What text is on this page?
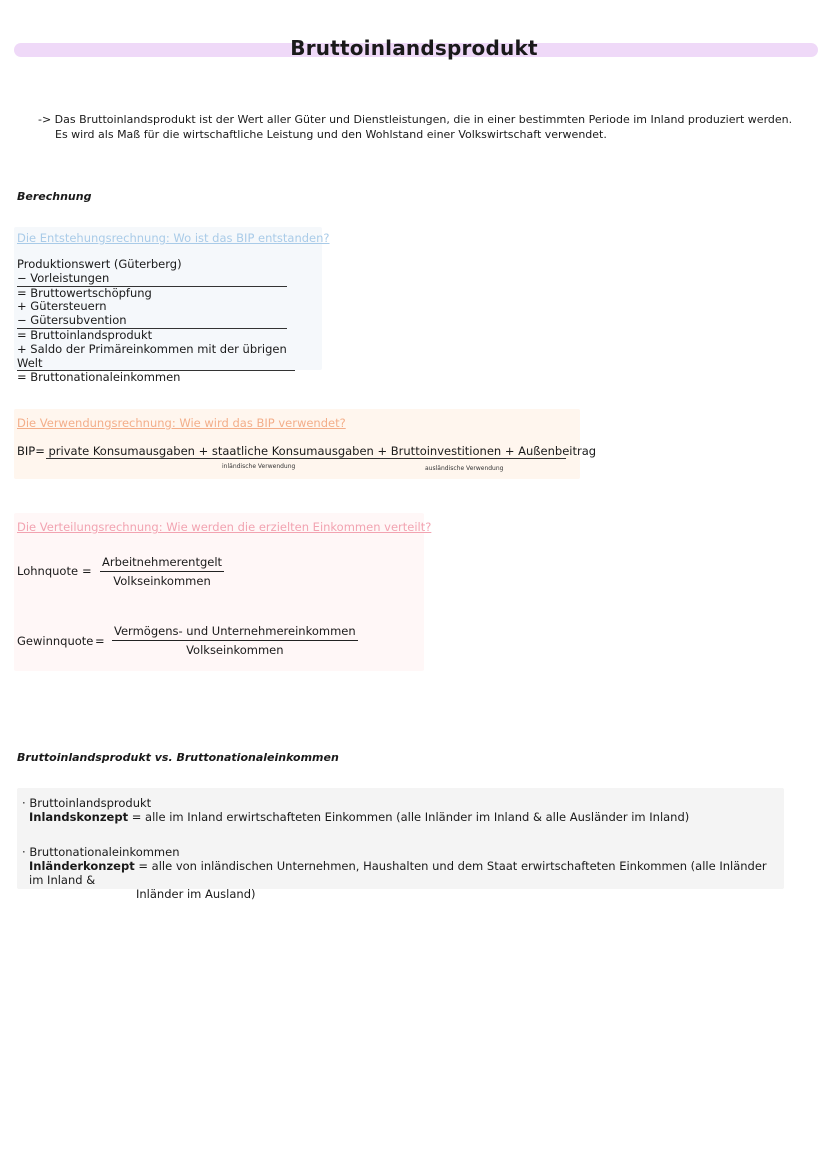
Bruttoinlandsprodukt
-> Das Bruttoinlandsprodukt ist der Wert aller Güter und Dienstleistungen, die in einer bestimmten Periode im Inland produziert werden.
Es wird als Maß für die wirtschaftliche Leistung und den Wohlstand einer Volkswirtschaft verwendet.
Berechnung
Die Entstehungsrechnung: Wo ist das BIP entstanden?
Produktionswert (Güterberg)
− Vorleistungen
= Bruttowertschöpfung
+ Gütersteuern
− Gütersubvention
= Bruttoinlandsprodukt
+ Saldo der Primäreinkommen mit der übrigen Welt
= Bruttonationaleinkommen
Die Verwendungsrechnung: Wie wird das BIP verwendet?
BIP= private Konsumausgaben + staatliche Konsumausgaben + Bruttoinvestitionen + Außenbeitrag
inländische Verwendung	ausländische Verwendung
Die Verteilungsrechnung: Wie werden die erzielten Einkommen verteilt?
Lohnquote =
Arbeitnehmerentgelt
Volkseinkommen
Gewinnquote =
Vermögens- und Unternehmereinkommen
Volkseinkommen
Bruttoinlandsprodukt vs. Bruttonationaleinkommen
· Bruttoinlandsprodukt
Inlandskonzept = alle im Inland erwirtschafteten Einkommen (alle Inländer im Inland & alle Ausländer im Inland)
· Bruttonationaleinkommen
Inländerkonzept = alle von inländischen Unternehmen, Haushalten und dem Staat erwirtschafteten Einkommen (alle Inländer im Inland &
Inländer im Ausland)
